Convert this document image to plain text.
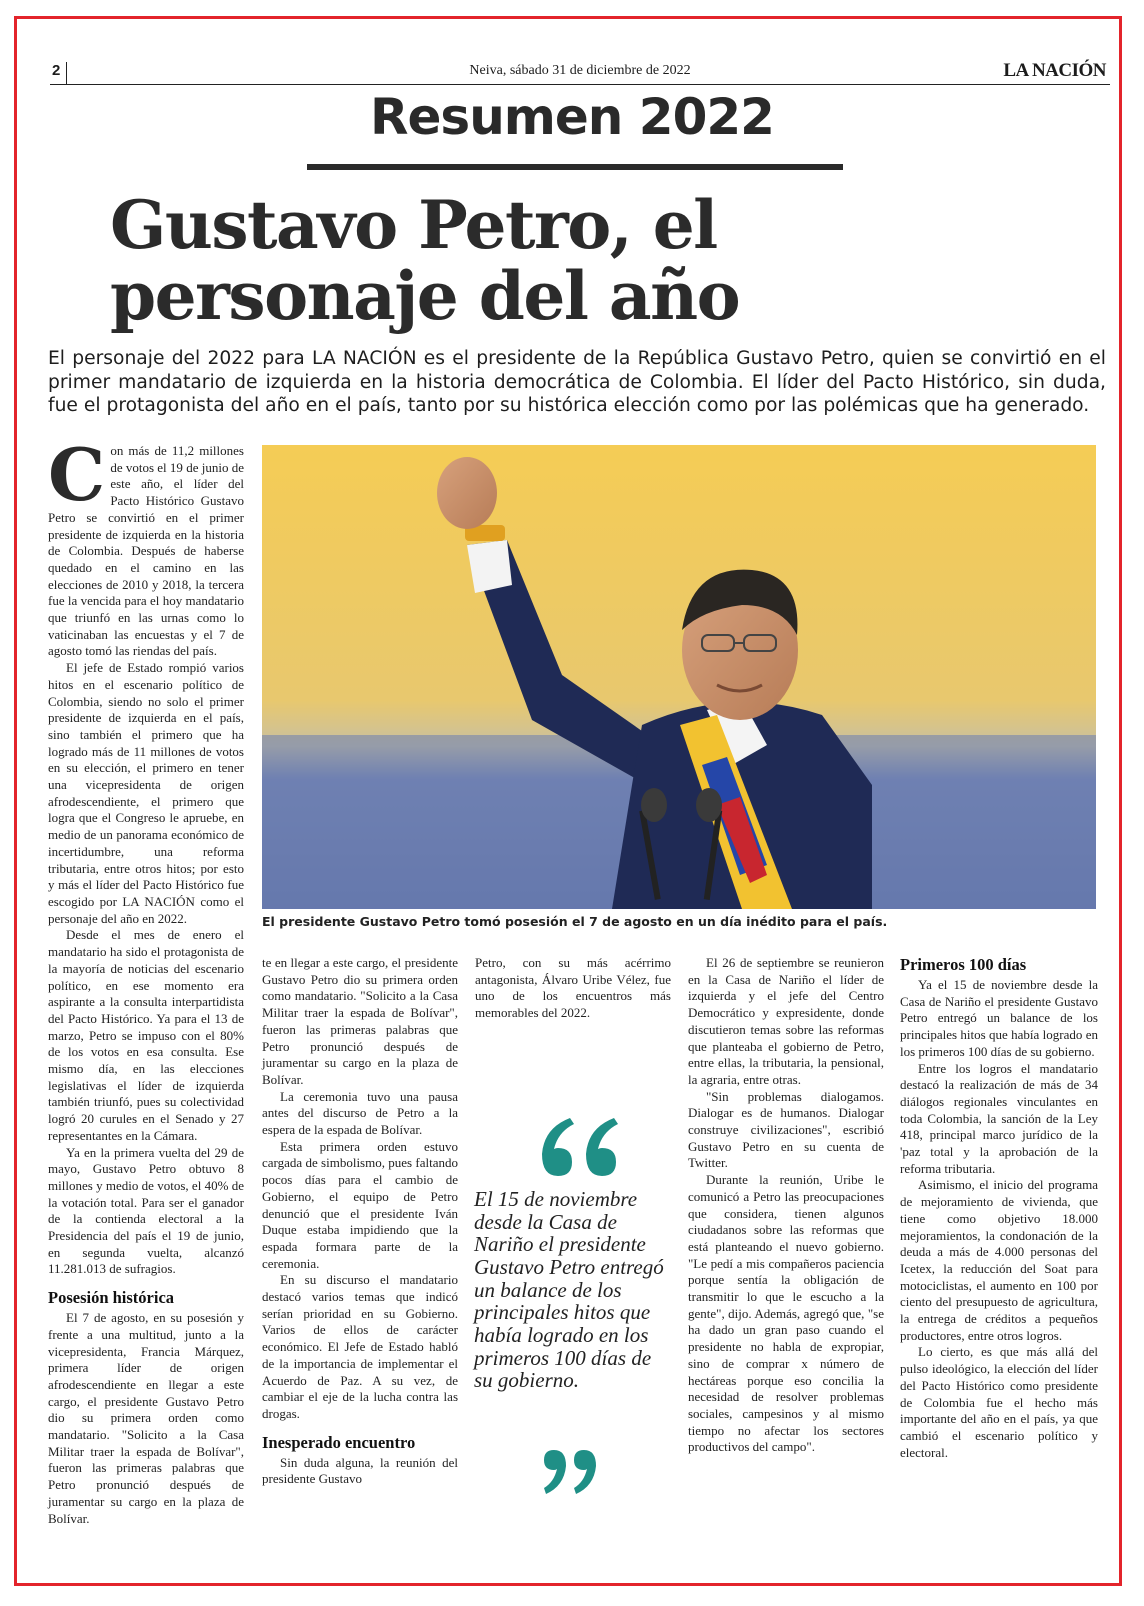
2	Neiva, sábado 31 de diciembre de 2022	LA NACIÓN
Resumen 2022
Gustavo Petro, el personaje del año

El personaje del 2022 para LA NACIÓN es el presidente de la República Gustavo Petro, quien se convirtió en el primer mandatario de izquierda en la historia democrática de Colombia. El líder del Pacto Histórico, sin duda, fue el protagonista del año en el país, tanto por su histórica elección como por las polémicas que ha generado.

Con más de 11,2 millones de votos el 19 de junio de este año, el líder del Pacto Histórico Gustavo Petro se convirtió en el primer presidente de izquierda en la historia de Colombia. Después de haberse quedado en el camino en las elecciones de 2010 y 2018, la tercera fue la vencida para el hoy mandatario que triunfó en las urnas como lo vaticinaban las encuestas y el 7 de agosto tomó las riendas del país.

El jefe de Estado rompió varios hitos en el escenario político de Colombia, siendo no solo el primer presidente de izquierda en el país, sino también el primero que ha logrado más de 11 millones de votos en su elección, el primero en tener una vicepresidenta de origen afrodescendiente, el primero que logra que el Congreso le apruebe, en medio de un panorama económico de incertidumbre, una reforma tributaria, entre otros hitos; por esto y más el líder del Pacto Histórico fue escogido por LA NACIÓN como el personaje del año en 2022.

Desde el mes de enero el mandatario ha sido el protagonista de la mayoría de noticias del escenario político, en ese momento era aspirante a la consulta interpartidista del Pacto Histórico. Ya para el 13 de marzo, Petro se impuso con el 80% de los votos en esa consulta. Ese mismo día, en las elecciones legislativas el líder de izquierda también triunfó, pues su colectividad logró 20 curules en el Senado y 27 representantes en la Cámara.

Ya en la primera vuelta del 29 de mayo, Gustavo Petro obtuvo 8 millones y medio de votos, el 40% de la votación total. Para ser el ganador de la contienda electoral a la Presidencia del país el 19 de junio, en segunda vuelta, alcanzó 11.281.013 de sufragios.

Posesión histórica

El 7 de agosto, en su posesión y frente a una multitud, junto a la vicepresidenta, Francia Márquez, primera líder de origen afrodescendiente en llegar a este cargo, el presidente Gustavo Petro dio su primera orden como mandatario. "Solicito a la Casa Militar traer la espada de Bolívar", fueron las primeras palabras que Petro pronunció después de juramentar su cargo en la plaza de Bolívar.

El presidente Gustavo Petro tomó posesión el 7 de agosto en un día inédito para el país.

te en llegar a este cargo, el presidente Gustavo Petro dio su primera orden como mandatario. "Solicito a la Casa Militar traer la espada de Bolívar", fueron las primeras palabras que Petro pronunció después de juramentar su cargo en la plaza de Bolívar.

La ceremonia tuvo una pausa antes del discurso de Petro a la espera de la espada de Bolívar.

Esta primera orden estuvo cargada de simbolismo, pues faltando pocos días para el cambio de Gobierno, el equipo de Petro denunció que el presidente Iván Duque estaba impidiendo que la espada formara parte de la ceremonia.

En su discurso el mandatario destacó varios temas que indicó serían prioridad en su Gobierno. Varios de ellos de carácter económico. El Jefe de Estado habló de la importancia de implementar el Acuerdo de Paz. A su vez, de cambiar el eje de la lucha contra las drogas.

Inesperado encuentro

Sin duda alguna, la reunión del presidente Gustavo

Petro, con su más acérrimo antagonista, Álvaro Uribe Vélez, fue uno de los encuentros más memorables del 2022.

El 15 de noviembre desde la Casa de Nariño el presidente Gustavo Petro entregó un balance de los principales hitos que había logrado en los primeros 100 días de su gobierno.

El 26 de septiembre se reunieron en la Casa de Nariño el líder de izquierda y el jefe del Centro Democrático y expresidente, donde discutieron temas sobre las reformas que planteaba el gobierno de Petro, entre ellas, la tributaria, la pensional, la agraria, entre otras.

"Sin problemas dialogamos. Dialogar es de humanos. Dialogar construye civilizaciones", escribió Gustavo Petro en su cuenta de Twitter.

Durante la reunión, Uribe le comunicó a Petro las preocupaciones que considera, tienen algunos ciudadanos sobre las reformas que está planteando el nuevo gobierno. "Le pedí a mis compañeros paciencia porque sentía la obligación de transmitir lo que le escucho a la gente", dijo. Además, agregó que, "se ha dado un gran paso cuando el presidente no habla de expropiar, sino de comprar x número de hectáreas porque eso concilia la necesidad de resolver problemas sociales, campesinos y al mismo tiempo no afectar los sectores productivos del campo".

Primeros 100 días

Ya el 15 de noviembre desde la Casa de Nariño el presidente Gustavo Petro entregó un balance de los principales hitos que había logrado en los primeros 100 días de su gobierno.

Entre los logros el mandatario destacó la realización de más de 34 diálogos regionales vinculantes en toda Colombia, la sanción de la Ley 418, principal marco jurídico de la 'paz total y la aprobación de la reforma tributaria.

Asimismo, el inicio del programa de mejoramiento de vivienda, que tiene como objetivo 18.000 mejoramientos, la condonación de la deuda a más de 4.000 personas del Icetex, la reducción del Soat para motociclistas, el aumento en 100 por ciento del presupuesto de agricultura, la entrega de créditos a pequeños productores, entre otros logros.

Lo cierto, es que más allá del pulso ideológico, la elección del líder del Pacto Histórico como presidente de Colombia fue el hecho más importante del año en el país, ya que cambió el escenario político y electoral.
